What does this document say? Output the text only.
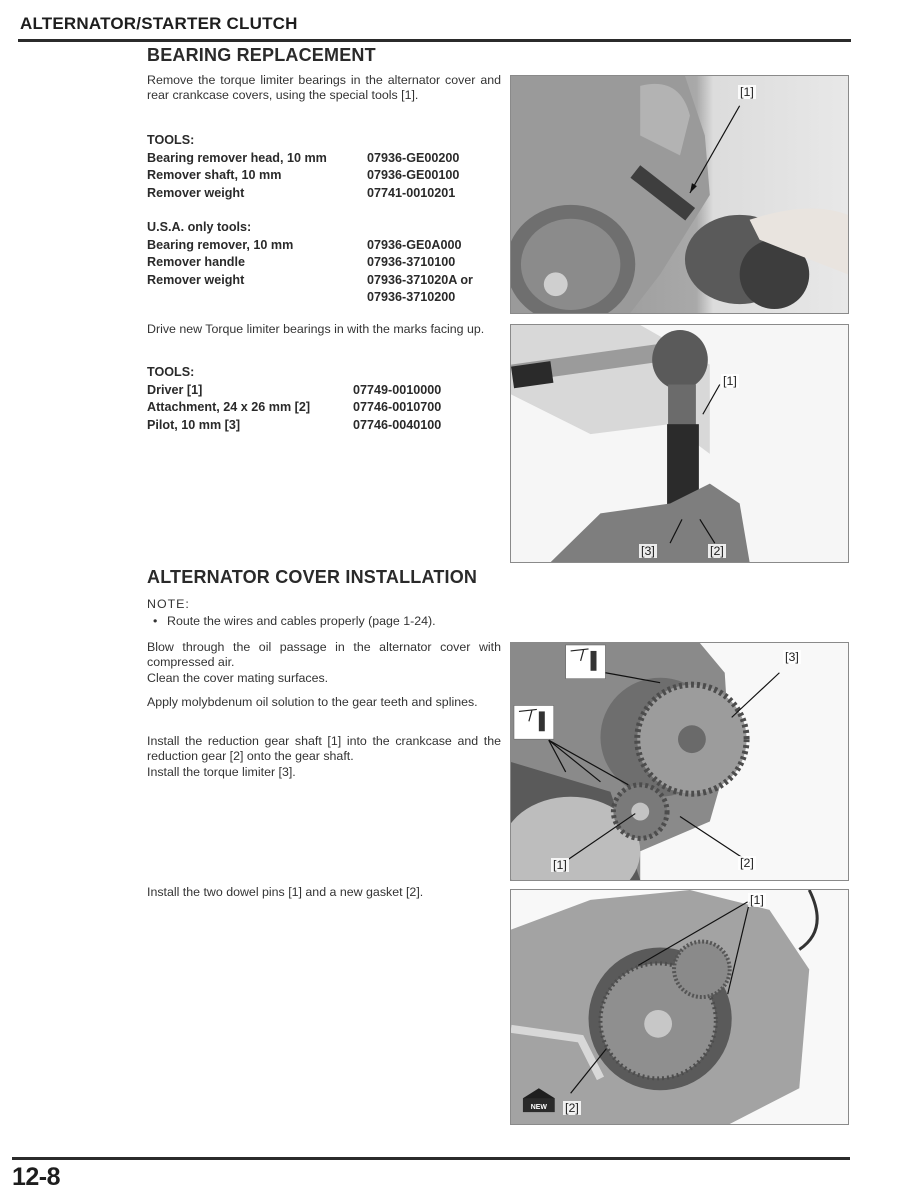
ALTERNATOR/STARTER CLUTCH
BEARING REPLACEMENT
Remove the torque limiter bearings in the alternator cover and rear crankcase covers, using the special tools [1].
TOOLS:
Bearing remover head, 10 mm	07936-GE00200
Remover shaft, 10 mm	07936-GE00100
Remover weight	07741-0010201
U.S.A. only tools:
Bearing remover, 10 mm	07936-GE0A000
Remover handle	07936-3710100
Remover weight	07936-371020A or
07936-3710200
Drive new Torque limiter bearings in with the marks facing up.
TOOLS:
Driver [1]	07749-0010000
Attachment, 24 x 26 mm [2]	07746-0010700
Pilot, 10 mm [3]	07746-0040100
ALTERNATOR COVER INSTALLATION
NOTE:
• Route the wires and cables properly (page 1-24).
Blow through the oil passage in the alternator cover with compressed air.
Clean the cover mating surfaces.
Apply molybdenum oil solution to the gear teeth and splines.
Install the reduction gear shaft [1] into the crankcase and the reduction gear [2] onto the gear shaft.
Install the torque limiter [3].
Install the two dowel pins [1] and a new gasket [2].
[1]
[1]
[3]	[2]
[3]
[1]	[2]
NEW
[1]
[2]
12-8
